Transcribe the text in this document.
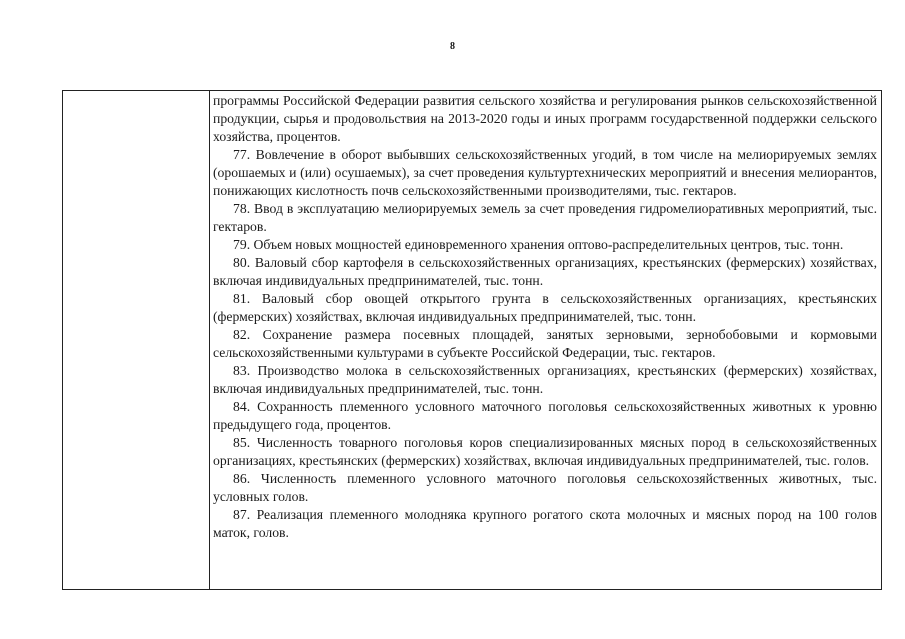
8

программы Российской Федерации развития сельского хозяйства и регулирования рынков сельскохозяйственной продукции, сырья и продовольствия на 2013-2020 годы и иных программ государственной поддержки сельского хозяйства, процентов.

77. Вовлечение в оборот выбывших сельскохозяйственных угодий, в том числе на мелиорируемых землях (орошаемых и (или) осушаемых), за счет проведения культуртехнических мероприятий и внесения мелиорантов, понижающих кислотность почв сельскохозяйственными производителями, тыс. гектаров.

78. Ввод в эксплуатацию мелиорируемых земель за счет проведения гидромелиоративных мероприятий, тыс. гектаров.

79. Объем новых мощностей единовременного хранения оптово-распределительных центров, тыс. тонн.

80. Валовый сбор картофеля в сельскохозяйственных организациях, крестьянских (фермерских) хозяйствах, включая индивидуальных предпринимателей, тыс. тонн.

81. Валовый сбор овощей открытого грунта в сельскохозяйственных организациях, крестьянских (фермерских) хозяйствах, включая индивидуальных предпринимателей, тыс. тонн.

82. Сохранение размера посевных площадей, занятых зерновыми, зернобобовыми и кормовыми сельскохозяйственными культурами в субъекте Российской Федерации, тыс. гектаров.

83. Производство молока в сельскохозяйственных организациях, крестьянских (фермерских) хозяйствах, включая индивидуальных предпринимателей, тыс. тонн.

84. Сохранность племенного условного маточного поголовья сельскохозяйственных животных к уровню предыдущего года, процентов.

85. Численность товарного поголовья коров специализированных мясных пород в сельскохозяйственных организациях, крестьянских (фермерских) хозяйствах, включая индивидуальных предпринимателей, тыс. голов.

86. Численность племенного условного маточного поголовья сельскохозяйственных животных, тыс. условных голов.

87. Реализация племенного молодняка крупного рогатого скота молочных и мясных пород на 100 голов маток, голов.
